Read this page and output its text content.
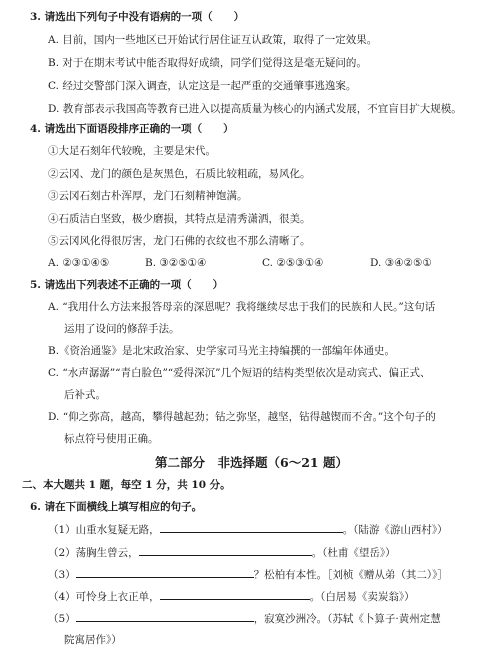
3. 请选出下列句子中没有语病的一项（　　）
A. 目前，国内一些地区已开始试行居住证互认政策，取得了一定效果。
B. 对于在期末考试中能否取得好成绩，同学们觉得这是毫无疑问的。
C. 经过交警部门深入调查，认定这是一起严重的交通肇事逃逸案。
D. 教育部表示我国高等教育已进入以提高质量为核心的内涵式发展，不宜盲目扩大规模。
4. 请选出下面语段排序正确的一项（　　）
①大足石刻年代较晚，主要是宋代。
②云冈、龙门的颜色是灰黑色，石质比较粗疏，易风化。
③云冈石刻古朴浑厚，龙门石刻精神饱满。
④石质洁白坚致，极少磨损，其特点是清秀潇洒，很美。
⑤云冈风化得很厉害，龙门石佛的衣纹也不那么清晰了。
A. ②③①④⑤	B. ③②⑤①④	C. ②⑤③①④	D. ③④②⑤①
5. 请选出下列表述不正确的一项（　　）
A. “我用什么方法来报答母亲的深恩呢？我将继续尽忠于我们的民族和人民。”这句话
运用了设问的修辞手法。
B.《资治通鉴》是北宋政治家、史学家司马光主持编撰的一部编年体通史。
C. “水声潺潺”“青白脸色”“爱得深沉”几个短语的结构类型依次是动宾式、偏正式、
后补式。
D. “仰之弥高，越高，攀得越起劲；钻之弥坚，越坚，钻得越锲而不舍。”这个句子的
标点符号使用正确。
第二部分　非选择题（6～21 题）
二、本大题共 1 题，每空 1 分，共 10 分。
6. 请在下面横线上填写相应的句子。
（1）山重水复疑无路，	。（陆游《游山西村》）
（2）荡胸生曾云，	。（杜甫《望岳》）
（3）	？松柏有本性。［刘桢《赠从弟（其二）》］
（4）可怜身上衣正单，	。（白居易《卖炭翁》）
（5）	，寂寞沙洲冷。（苏轼《卜算子·黄州定慧
院寓居作》）
